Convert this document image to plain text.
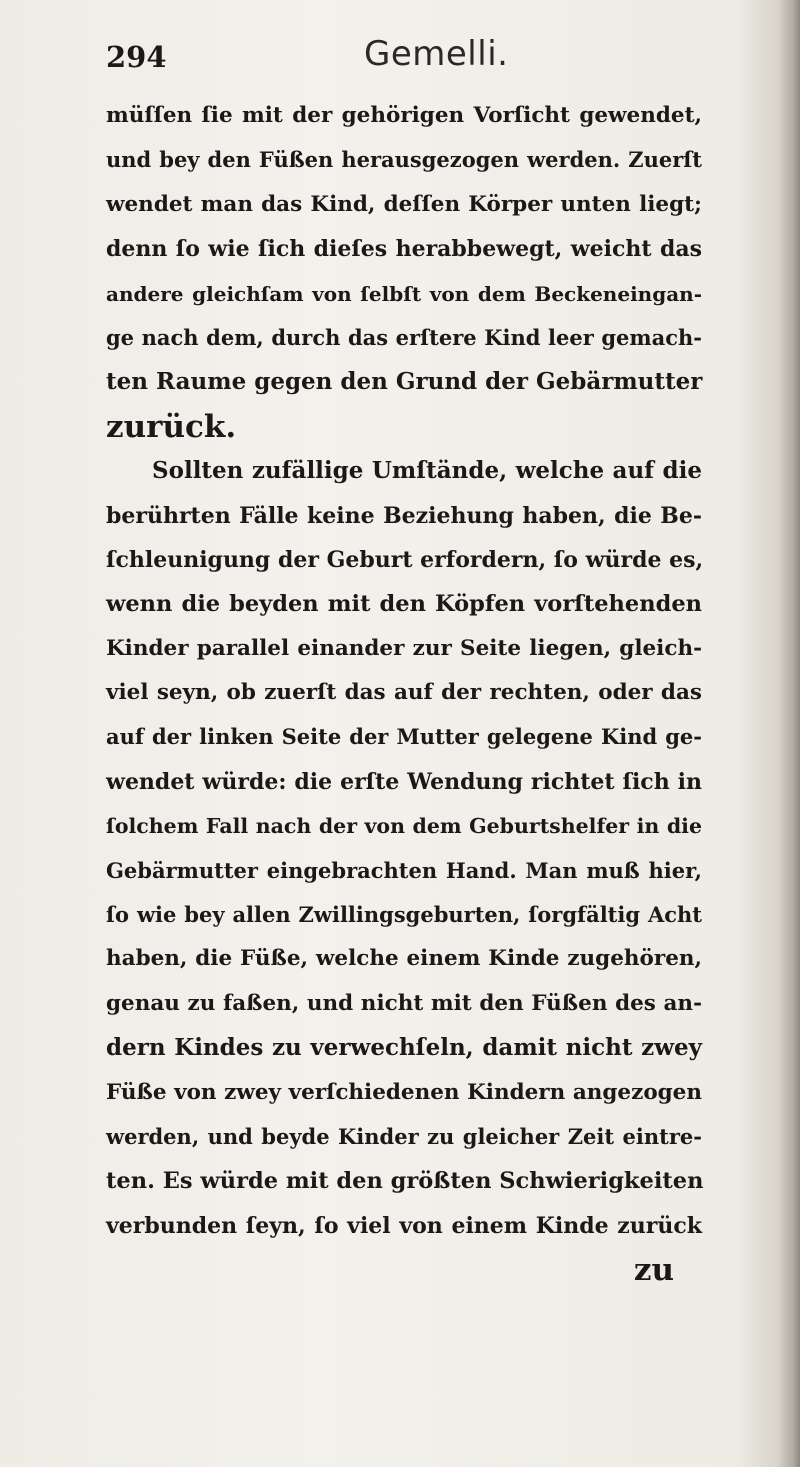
294	Gemelli.
müſſen ſie mit der gehörigen Vorſicht gewendet,
und bey den Füßen herausgezogen werden. Zuerſt
wendet man das Kind, deſſen Körper unten liegt;
denn ſo wie ſich dieſes herabbewegt, weicht das
andere gleichſam von ſelbſt von dem Beckeneingan-
ge nach dem, durch das erſtere Kind leer gemach-
ten Raume gegen den Grund der Gebärmutter
zurück.
Sollten zufällige Umſtände, welche auf die
berührten Fälle keine Beziehung haben, die Be-
ſchleunigung der Geburt erfordern, ſo würde es,
wenn die beyden mit den Köpfen vorſtehenden
Kinder parallel einander zur Seite liegen, gleich-
viel seyn, ob zuerſt das auf der rechten, oder das
auf der linken Seite der Mutter gelegene Kind ge-
wendet würde: die erſte Wendung richtet ſich in
ſolchem Fall nach der von dem Geburtshelfer in die
Gebärmutter eingebrachten Hand. Man muß hier,
ſo wie bey allen Zwillingsgeburten, ſorgfältig Acht
haben, die Füße, welche einem Kinde zugehören,
genau zu faßen, und nicht mit den Füßen des an-
dern Kindes zu verwechſeln, damit nicht zwey
Füße von zwey verſchiedenen Kindern angezogen
werden, und beyde Kinder zu gleicher Zeit eintre-
ten. Es würde mit den größten Schwierigkeiten
verbunden ſeyn, ſo viel von einem Kinde zurück
zu
